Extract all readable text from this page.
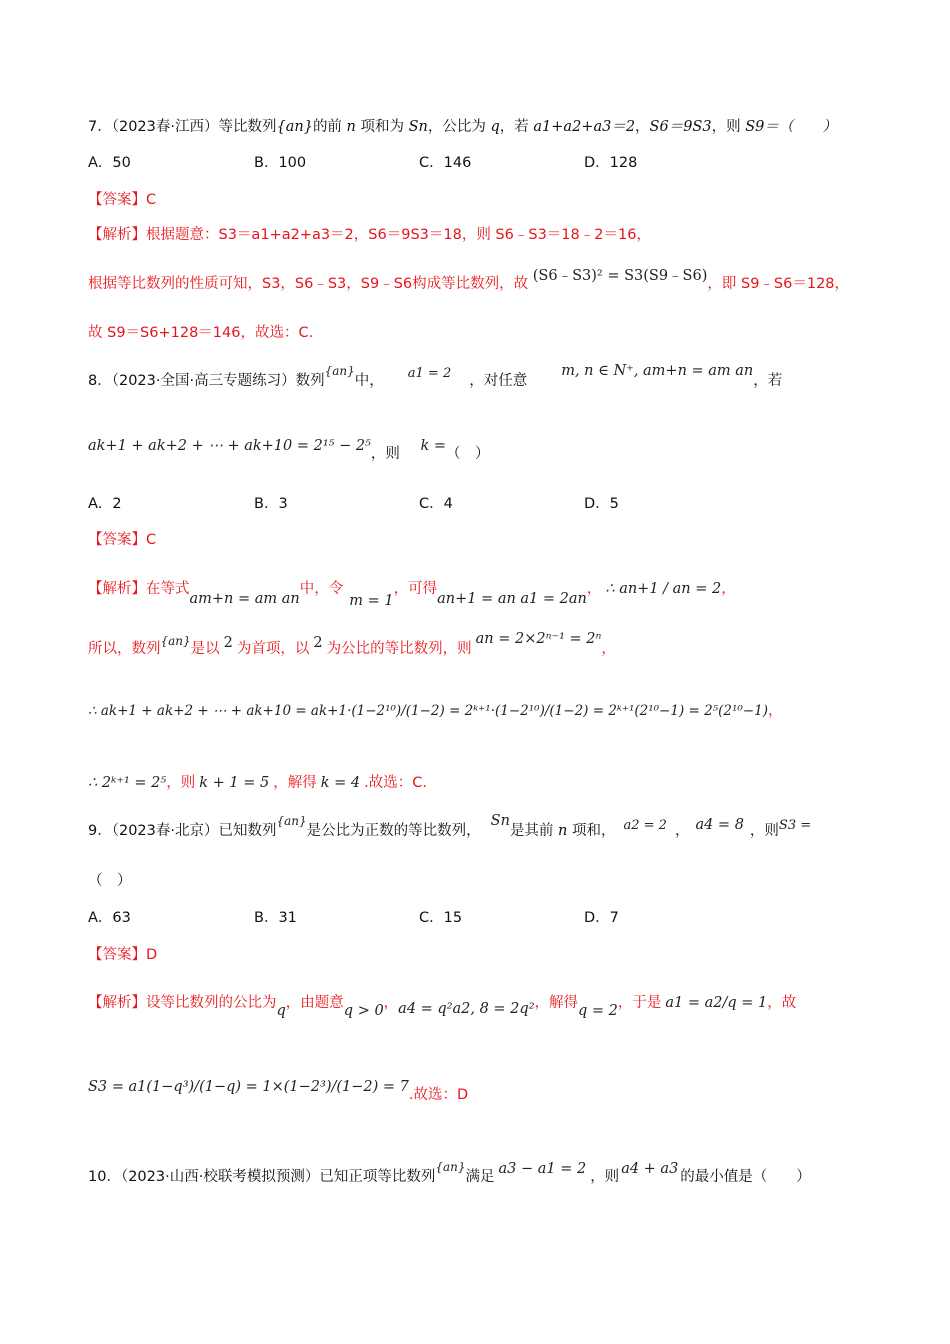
7．（2023春·江西）等比数列{an}的前 n 项和为 Sn，公比为 q，若 a1+a2+a3＝2，S6＝9S3，则 S9＝（　　）
A．50	B．100	C．146	D．128
【答案】C
【解析】根据题意：S3＝a1+a2+a3＝2，S6＝9S3＝18，则 S6﹣S3＝18﹣2＝16，
根据等比数列的性质可知，S3，S6﹣S3，S9﹣S6构成等比数列，故 (S6﹣S3)² = S3(S9﹣S6)，即 S9﹣S6＝128，
故 S9＝S6+128＝146，故选：C.
8．（2023·全国·高三专题练习）数列{an}中， a1 = 2 ，对任意m, n ∈ N⁺, am+n = am an，若
ak+1 + ak+2 + ⋯ + ak+10 = 2¹⁵ − 2⁵，则 k =（　）
A．2	B．3	C．4	D．5
【答案】C
【解析】在等式am+n = am an中，令m = 1，可得an+1 = an a1 = 2an， ∴ an+1 / an = 2，
所以，数列{an}是以 2 为首项，以 2 为公比的等比数列，则an = 2×2ⁿ⁻¹ = 2ⁿ，
∴ ak+1 + ak+2 + ⋯ + ak+10 = ak+1·(1−2¹⁰)/(1−2) = 2ᵏ⁺¹·(1−2¹⁰)/(1−2) = 2ᵏ⁺¹(2¹⁰−1) = 2⁵(2¹⁰−1)，
∴ 2ᵏ⁺¹ = 2⁵，则 k + 1 = 5 ，解得 k = 4 .故选：C.
9．（2023春·北京）已知数列{an}是公比为正数的等比数列，Sn是其前 n 项和， a2 = 2 ， a4 = 8 ，则S3 =
（　）
A．63	B．31	C．15	D．7
【答案】D
【解析】设等比数列的公比为q，由题意q > 0，a4 = q²a2, 8 = 2q²，解得q = 2，于是 a1 = a2/q = 1，故
S3 = a1(1−q³)/(1−q) = 1×(1−2³)/(1−2) = 7.故选：D
10．（2023·山西·校联考模拟预测）已知正项等比数列{an}满足 a3 − a1 = 2 ，则 a4 + a3 的最小值是（　　）
